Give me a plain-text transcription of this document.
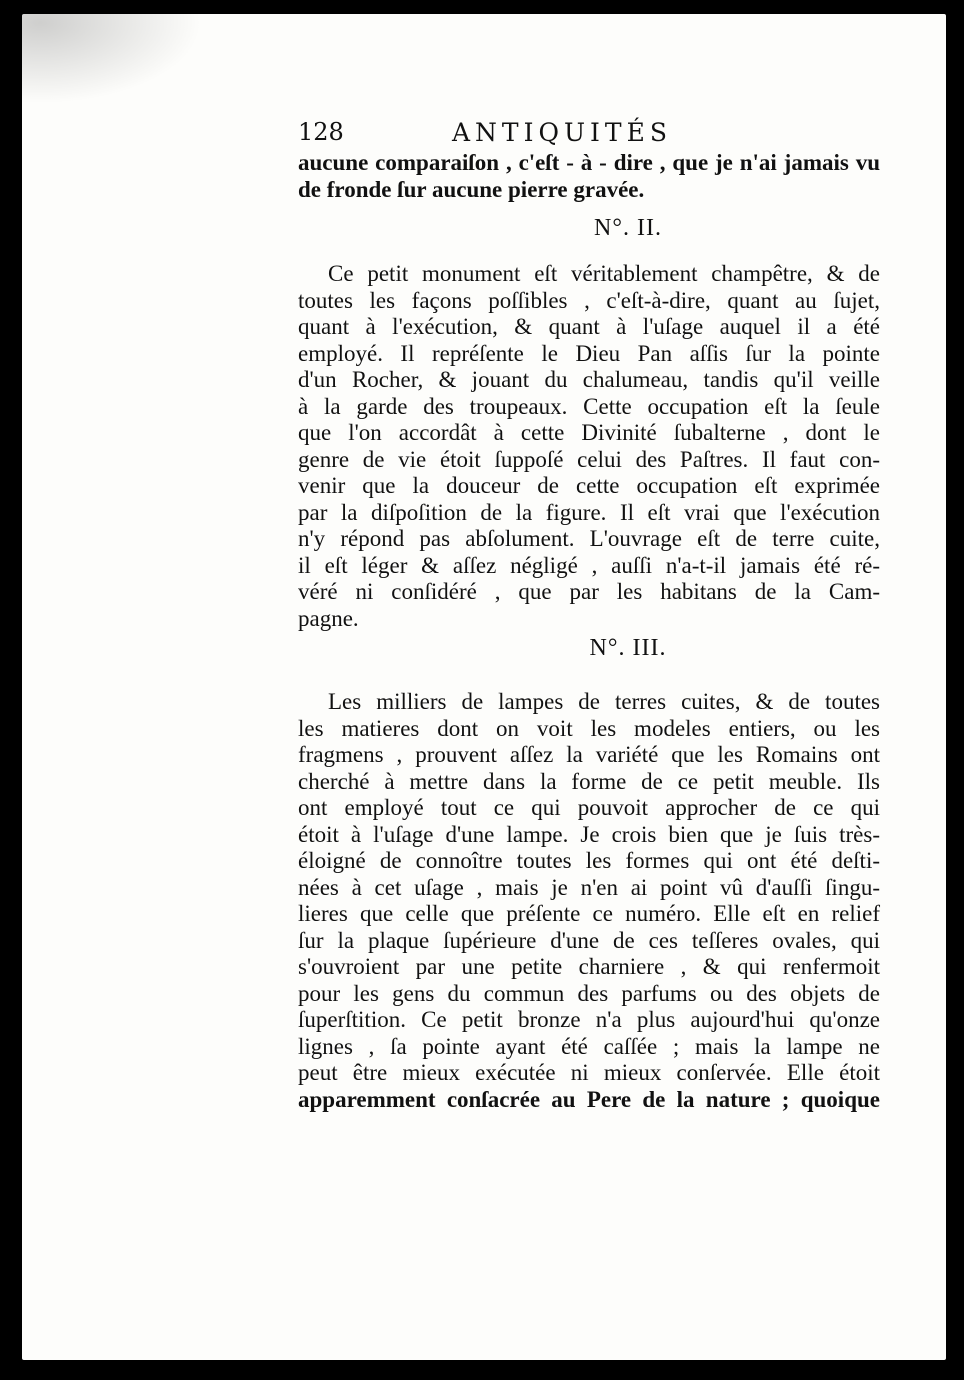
128	ANTIQUITÉS
aucune comparaiſon , c'eſt - à - dire , que je n'ai jamais vu
de fronde ſur aucune pierre gravée.
N°. II.
Ce petit monument eſt véritablement champêtre, & de
toutes les façons poſſibles , c'eſt-à-dire, quant au ſujet,
quant à l'exécution, & quant à l'uſage auquel il a été
employé. Il repréſente le Dieu Pan aſſis ſur la pointe
d'un Rocher, & jouant du chalumeau, tandis qu'il veille
à la garde des troupeaux. Cette occupation eſt la ſeule
que l'on accordât à cette Divinité ſubalterne , dont le
genre de vie étoit ſuppoſé celui des Paſtres. Il faut con-
venir que la douceur de cette occupation eſt exprimée
par la diſpoſition de la figure. Il eſt vrai que l'exécution
n'y répond pas abſolument. L'ouvrage eſt de terre cuite,
il eſt léger & aſſez négligé , auſſi n'a-t-il jamais été ré-
véré ni conſidéré , que par les habitans de la Cam-
pagne.
N°. III.
Les milliers de lampes de terres cuites, & de toutes
les matieres dont on voit les modeles entiers, ou les
fragmens , prouvent aſſez la variété que les Romains ont
cherché à mettre dans la forme de ce petit meuble. Ils
ont employé tout ce qui pouvoit approcher de ce qui
étoit à l'uſage d'une lampe. Je crois bien que je ſuis très-
éloigné de connoître toutes les formes qui ont été deſti-
nées à cet uſage , mais je n'en ai point vû d'auſſi ſingu-
lieres que celle que préſente ce numéro. Elle eſt en relief
ſur la plaque ſupérieure d'une de ces teſſeres ovales, qui
s'ouvroient par une petite charniere , & qui renfermoit
pour les gens du commun des parfums ou des objets de
ſuperſtition. Ce petit bronze n'a plus aujourd'hui qu'onze
lignes , ſa pointe ayant été caſſée ; mais la lampe ne
peut être mieux exécutée ni mieux conſervée. Elle étoit
apparemment conſacrée au Pere de la nature ; quoique
